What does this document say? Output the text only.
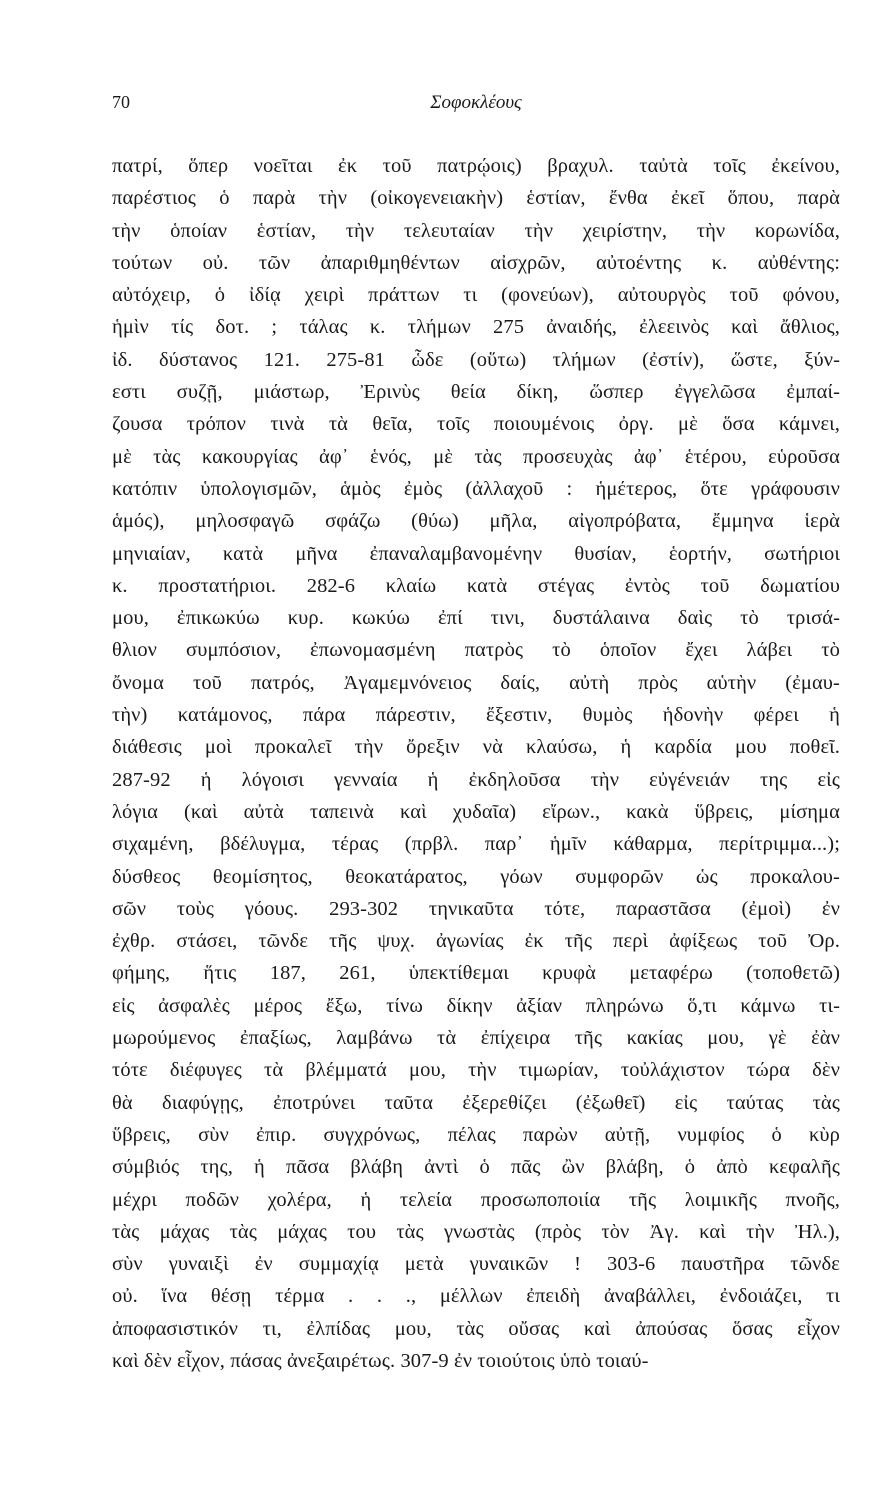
70	Σοφοκλέους
πατρί, ὅπερ νοεῖται ἐκ τοῦ πατρῴοις) βραχυλ. ταὐτὰ τοῖς ἐκείνου,
παρέστιος ὁ παρὰ τὴν (οἰκογενειακὴν) ἑστίαν, ἔνθα ἐκεῖ ὅπου, παρὰ
τὴν ὁποίαν ἑστίαν, τὴν τελευταίαν τὴν χειρίστην, τὴν κορωνίδα,
τούτων οὐ. τῶν ἀπαριθμηθέντων αἰσχρῶν, αὐτοέντης κ. αὐθέντης:
αὐτόχειρ, ὁ ἰδίᾳ χειρὶ πράττων τι (φονεύων), αὐτουργὸς τοῦ φόνου,
ἡμὶν τίς δοτ. ; τάλας κ. τλήμων 275 ἀναιδής, ἐλεεινὸς καὶ ἄθλιος,
ἰδ. δύστανος 121. 275-81 ὧδε (οὕτω) τλήμων (ἐστίν), ὥστε, ξύν-
εστι συζῇ, μιάστωρ, Ἐρινὺς θεία δίκη, ὥσπερ ἐγγελῶσα ἐμπαί-
ζουσα τρόπον τινὰ τὰ θεῖα, τοῖς ποιουμένοις ὀργ. μὲ ὅσα κάμνει,
μὲ τὰς κακουργίας ἀφ᾽ ἑνός, μὲ τὰς προσευχὰς ἀφ᾽ ἑτέρου, εὑροῦσα
κατόπιν ὑπολογισμῶν, ἁμὸς ἐμὸς (ἀλλαχοῦ : ἡμέτερος, ὅτε γράφουσιν
ἁμός), μηλοσφαγῶ σφάζω (θύω) μῆλα, αἰγοπρόβατα, ἔμμηνα ἱερὰ
μηνιαίαν, κατὰ μῆνα ἐπαναλαμβανομένην θυσίαν, ἑορτήν, σωτήριοι
κ. προστατήριοι. 282-6 κλαίω κατὰ στέγας ἐντὸς τοῦ δωματίου
μου, ἐπικωκύω κυρ. κωκύω ἐπί τινι, δυστάλαινα δαὶς τὸ τρισά-
θλιον συμπόσιον, ἐπωνομασμένη πατρὸς τὸ ὁποῖον ἔχει λάβει τὸ
ὄνομα τοῦ πατρός, Ἀγαμεμνόνειος δαίς, αὐτὴ πρὸς αὑτὴν (ἐμαυ-
τὴν) κατάμονος, πάρα πάρεστιν, ἔξεστιν, θυμὸς ἡδονὴν φέρει ἡ
διάθεσις μοὶ προκαλεῖ τὴν ὄρεξιν νὰ κλαύσω, ἡ καρδία μου ποθεῖ.
287-92 ἡ λόγοισι γενναία ἡ ἐκδηλοῦσα τὴν εὐγένειάν της εἰς
λόγια (καὶ αὐτὰ ταπεινὰ καὶ χυδαῖα) εἴρων., κακὰ ὕβρεις, μίσημα
σιχαμένη, βδέλυγμα, τέρας (πρβλ. παρ᾽ ἡμῖν κάθαρμα, περίτριμμα...);
δύσθεος θεομίσητος, θεοκατάρατος, γόων συμφορῶν ὡς προκαλου-
σῶν τοὺς γόους. 293-302 τηνικαῦτα τότε, παραστᾶσα (ἐμοὶ) ἐν
ἐχθρ. στάσει, τῶνδε τῆς ψυχ. ἀγωνίας ἐκ τῆς περὶ ἀφίξεως τοῦ Ὀρ.
φήμης, ἥτις 187, 261, ὑπεκτίθεμαι κρυφὰ μεταφέρω (τοποθετῶ)
εἰς ἀσφαλὲς μέρος ἔξω, τίνω δίκην ἀξίαν πληρώνω ὅ,τι κάμνω τι-
μωρούμενος ἐπαξίως, λαμβάνω τὰ ἐπίχειρα τῆς κακίας μου, γὲ ἐὰν
τότε διέφυγες τὰ βλέμματά μου, τὴν τιμωρίαν, τοὐλάχιστον τώρα δὲν
θὰ διαφύγῃς, ἐποτρύνει ταῦτα ἐξερεθίζει (ἐξωθεῖ) εἰς ταύτας τὰς
ὕβρεις, σὺν ἐπιρ. συγχρόνως, πέλας παρὼν αὐτῇ, νυμφίος ὁ κὺρ
σύμβιός της, ἡ πᾶσα βλάβη ἀντὶ ὁ πᾶς ὢν βλάβη, ὁ ἀπὸ κεφαλῆς
μέχρι ποδῶν χολέρα, ἡ τελεία προσωποποιία τῆς λοιμικῆς πνοῆς,
τὰς μάχας τὰς μάχας του τὰς γνωστὰς (πρὸς τὸν Ἀγ. καὶ τὴν Ἠλ.),
σὺν γυναιξὶ ἐν συμμαχίᾳ μετὰ γυναικῶν ! 303-6 παυστῆρα τῶνδε
οὐ. ἵνα θέσῃ τέρμα . . ., μέλλων ἐπειδὴ ἀναβάλλει, ἐνδοιάζει, τι
ἀποφασιστικόν τι, ἐλπίδας μου, τὰς οὔσας καὶ ἀπούσας ὅσας εἶχον
καὶ δὲν εἶχον, πάσας ἀνεξαιρέτως. 307-9 ἐν τοιούτοις ὑπὸ τοιαύ-
